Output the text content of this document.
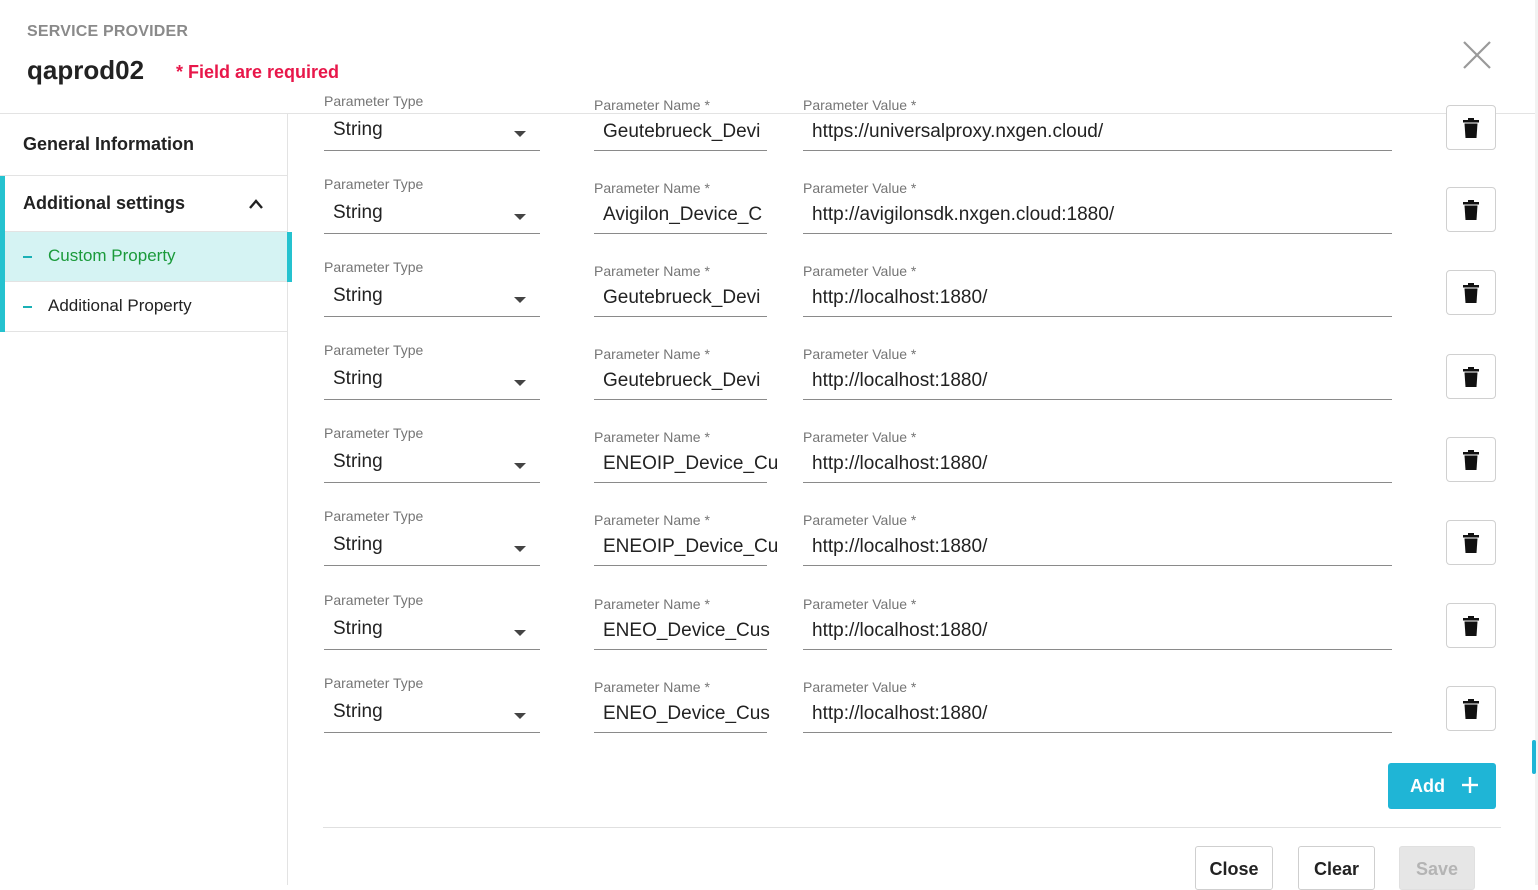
SERVICE PROVIDER
qaprod02 * Field are required
General Information
Additional settings
Custom Property
Additional Property
Parameter Type
String
Parameter Name *
Geutebrueck_Devi
Parameter Value *
https://universalproxy.nxgen.cloud/
Parameter Type
String
Parameter Name *
Avigilon_Device_C
Parameter Value *
http://avigilonsdk.nxgen.cloud:1880/
Parameter Type
String
Parameter Name *
Geutebrueck_Devi
Parameter Value *
http://localhost:1880/
Parameter Type
String
Parameter Name *
Geutebrueck_Devi
Parameter Value *
http://localhost:1880/
Parameter Type
String
Parameter Name *
ENEOIP_Device_Cu
Parameter Value *
http://localhost:1880/
Parameter Type
String
Parameter Name *
ENEOIP_Device_Cu
Parameter Value *
http://localhost:1880/
Parameter Type
String
Parameter Name *
ENEO_Device_Cus
Parameter Value *
http://localhost:1880/
Parameter Type
String
Parameter Name *
ENEO_Device_Cus
Parameter Value *
http://localhost:1880/
Add
Close	Clear	Save
